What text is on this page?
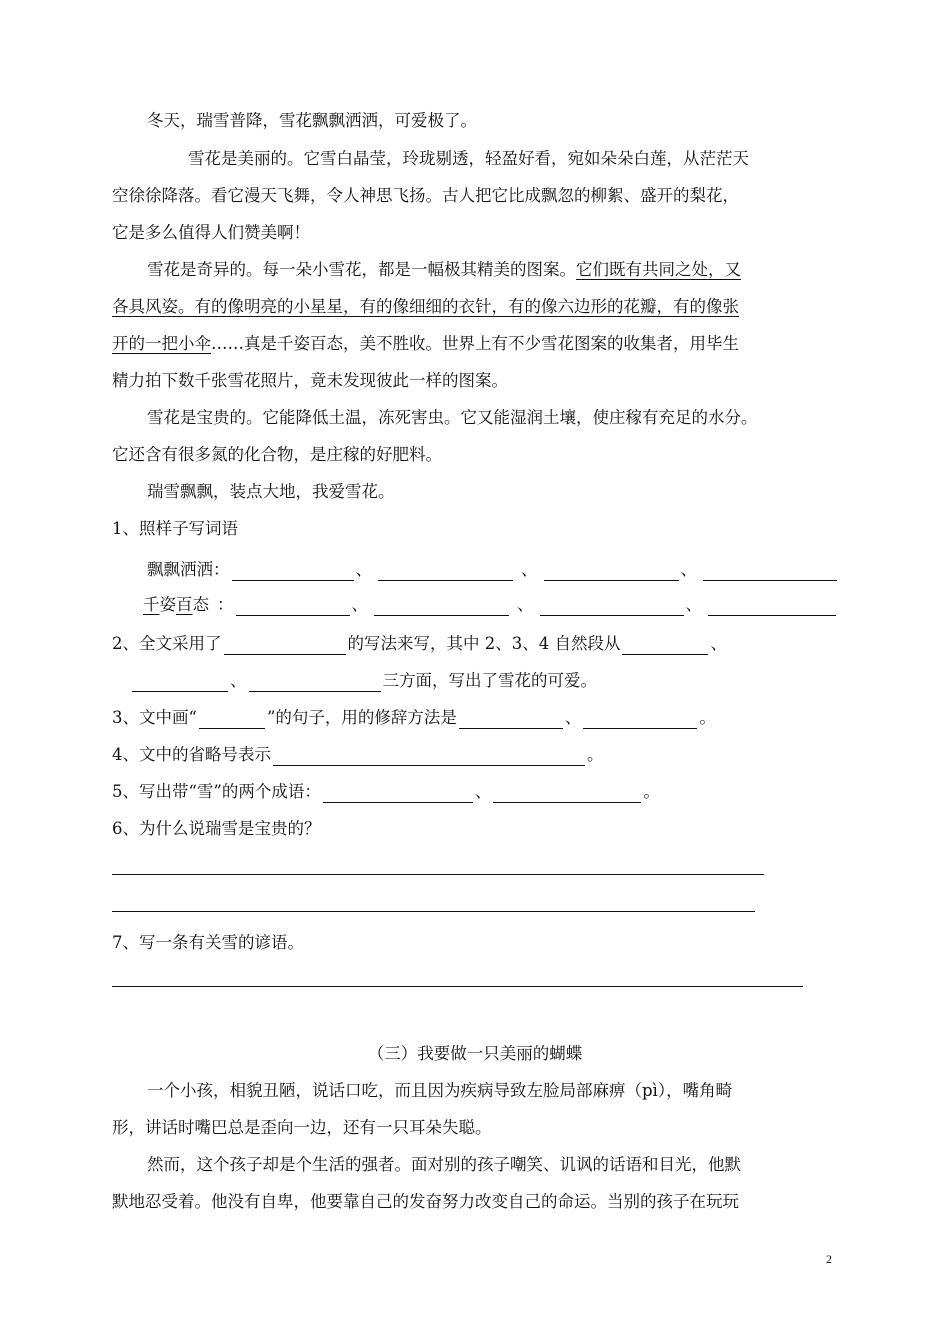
冬天，瑞雪普降，雪花飘飘洒洒，可爱极了。
雪花是美丽的。它雪白晶莹，玲珑剔透，轻盈好看，宛如朵朵白莲，从茫茫天
空徐徐降落。看它漫天飞舞，令人神思飞扬。古人把它比成飘忽的柳絮、盛开的梨花，
它是多么值得人们赞美啊！
雪花是奇异的。每一朵小雪花，都是一幅极其精美的图案。它们既有共同之处，又
各具风姿。有的像明亮的小星星，有的像细细的衣针，有的像六边形的花瓣，有的像张
开的一把小伞……真是千姿百态，美不胜收。世界上有不少雪花图案的收集者，用毕生
精力拍下数千张雪花照片，竟未发现彼此一样的图案。
雪花是宝贵的。它能降低土温，冻死害虫。它又能湿润土壤，使庄稼有充足的水分。
它还含有很多氮的化合物，是庄稼的好肥料。
瑞雪飘飘，装点大地，我爱雪花。
1、照样子写词语
飘飘洒洒：	、	、	、
千姿百态 ：	、	、	、
2、全文采用了	的写法来写，其中 2、3、4 自然段从	、
、	三方面，写出了雪花的可爱。
3、文中画“	”的句子，用的修辞方法是	、	。
4、文中的省略号表示	。
5、写出带“雪”的两个成语：	、	。
6、为什么说瑞雪是宝贵的？
7、写一条有关雪的谚语。
（三）我要做一只美丽的蝴蝶
一个小孩，相貌丑陋，说话口吃，而且因为疾病导致左脸局部麻痹（pì），嘴角畸
形，讲话时嘴巴总是歪向一边，还有一只耳朵失聪。
然而，这个孩子却是个生活的强者。面对别的孩子嘲笑、讥讽的话语和目光，他默
默地忍受着。他没有自卑，他要靠自己的发奋努力改变自己的命运。当别的孩子在玩玩
2
